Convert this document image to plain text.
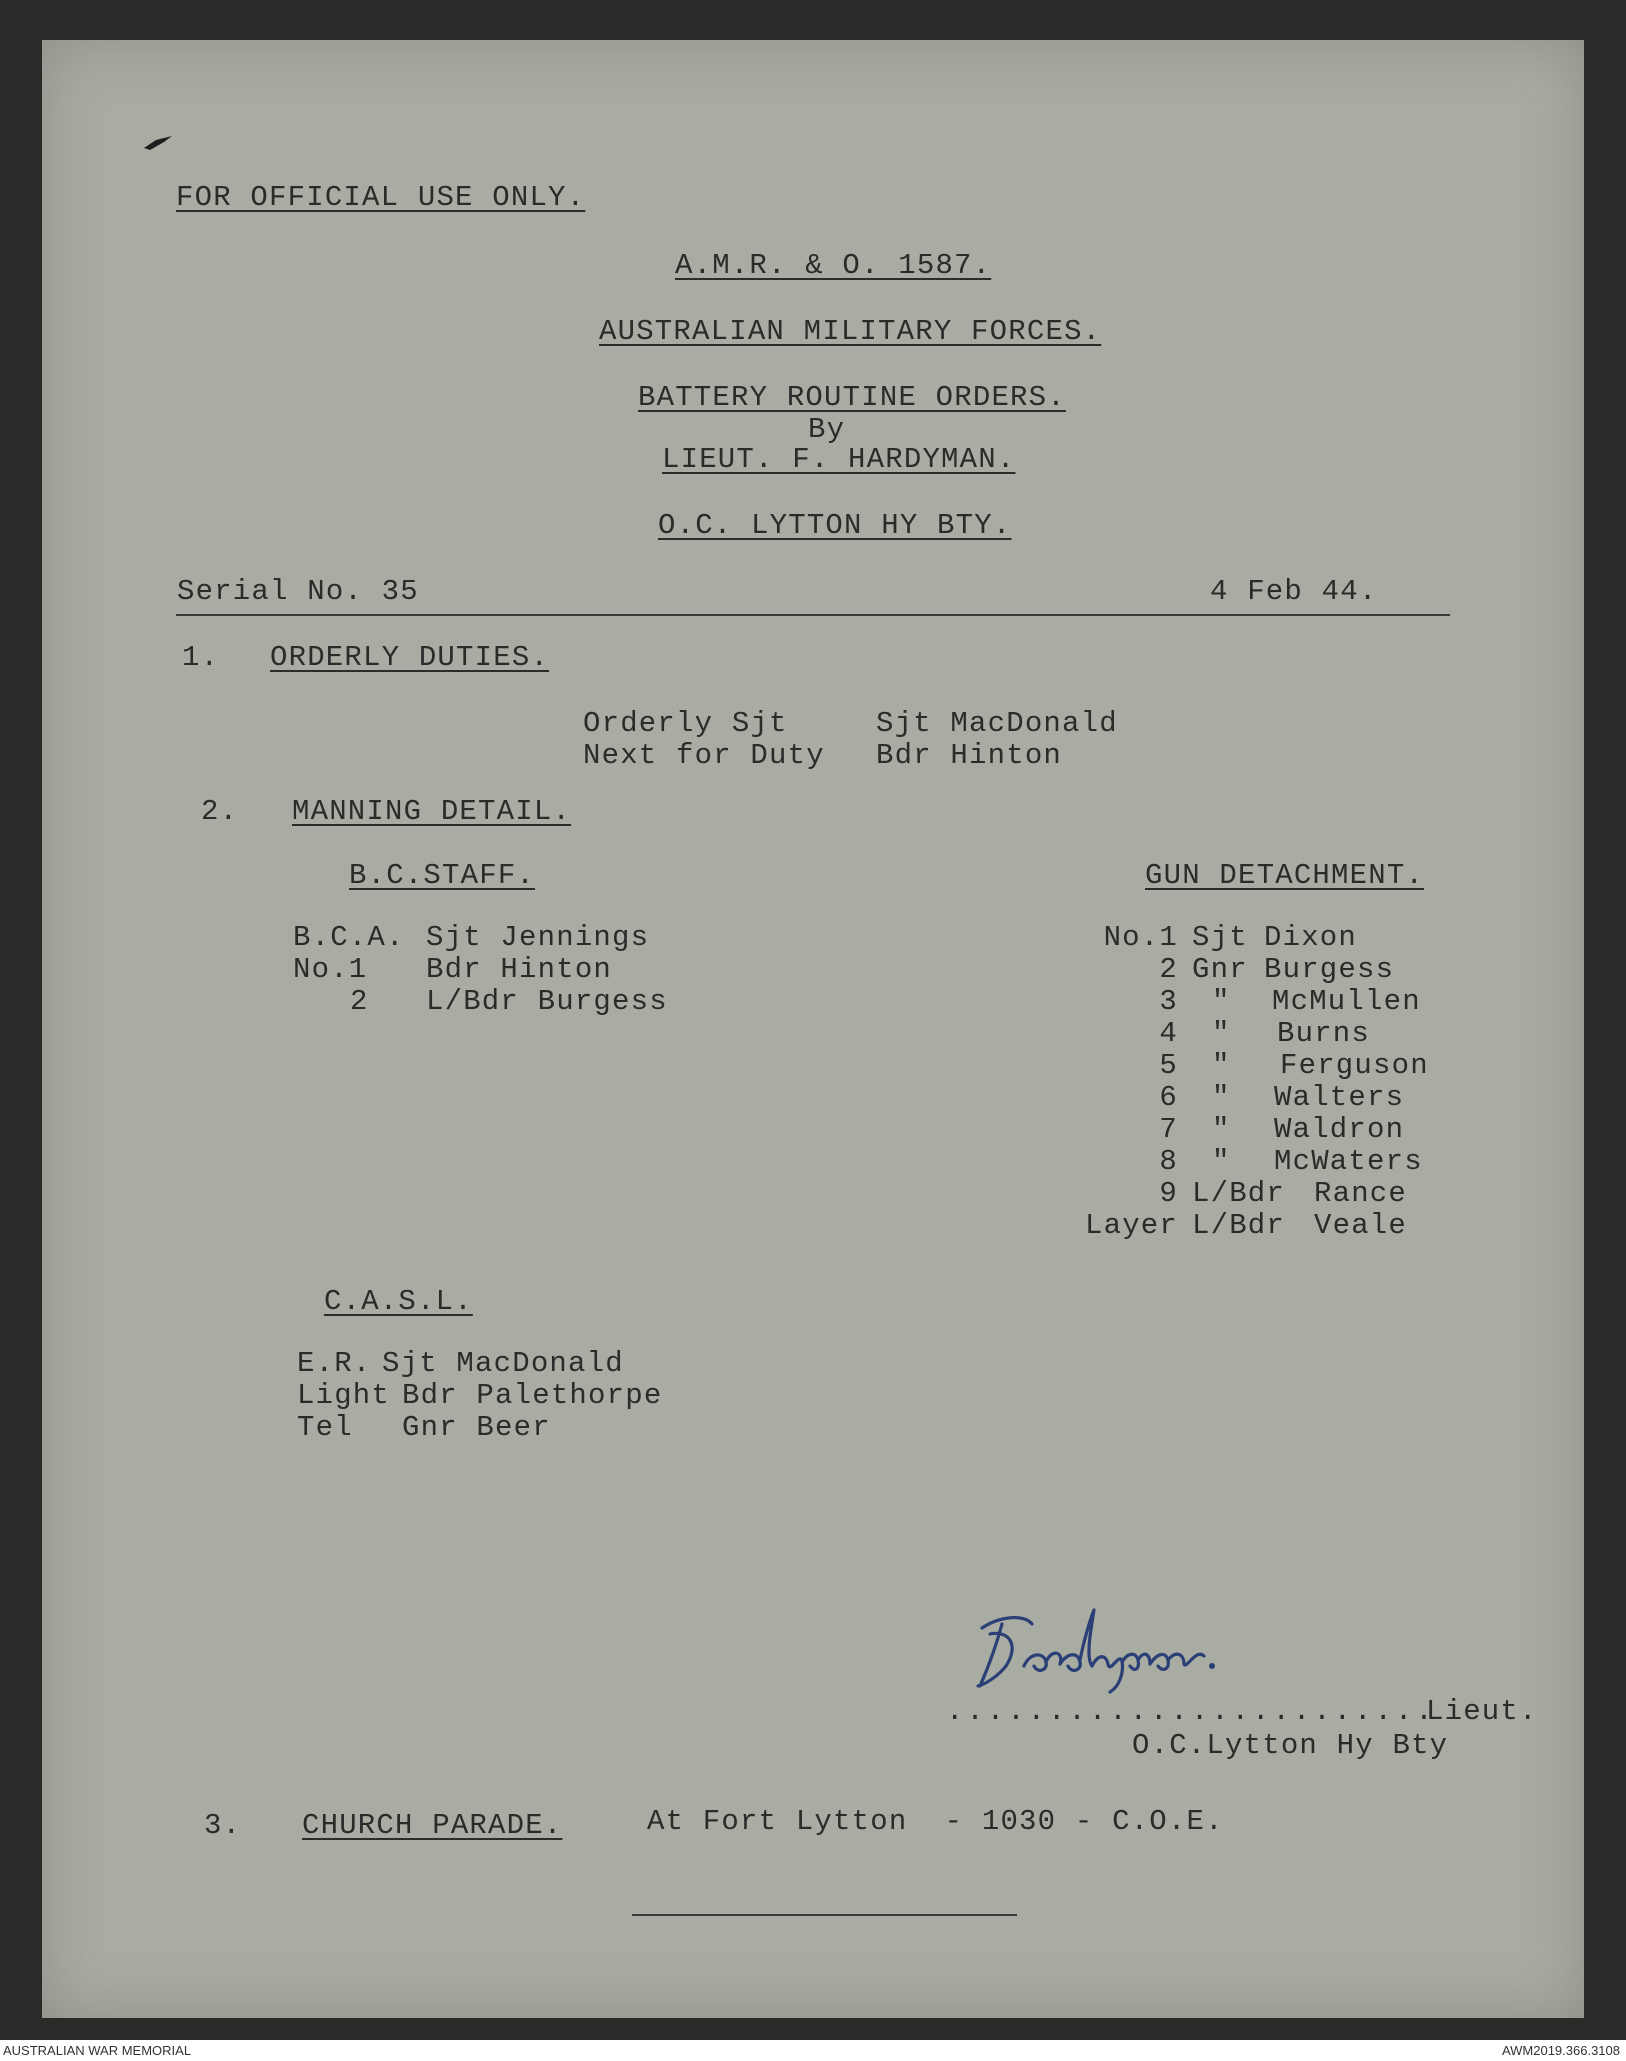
FOR OFFICIAL USE ONLY.
A.M.R. & O. 1587.
AUSTRALIAN MILITARY FORCES.
BATTERY ROUTINE ORDERS.
By
LIEUT. F. HARDYMAN.
O.C. LYTTON HY BTY.
Serial No. 35	4 Feb 44.
1. ORDERLY DUTIES.
Orderly Sjt	Sjt MacDonald
Next for Duty Bdr Hinton
2. MANNING DETAIL.
B.C.STAFF.	GUN DETACHMENT.
B.C.A. Sjt Jennings
No.1 Bdr Hinton
2 L/Bdr Burgess
No.1 Sjt Dixon
2 Gnr Burgess
3 " McMullen
4 " Burns
5 " Ferguson
6 " Walters
7 " Waldron
8 " McWaters
9 L/Bdr Rance
Layer L/Bdr Veale
C.A.S.L.
E.R. Sjt MacDonald
Light Bdr Palethorpe
Tel Gnr Beer
........................
Lieut.
O.C.Lytton Hy Bty
3. CHURCH PARADE.	At Fort Lytton  - 1030 - C.O.E.
AUSTRALIAN WAR MEMORIAL	AWM2019.366.3108
